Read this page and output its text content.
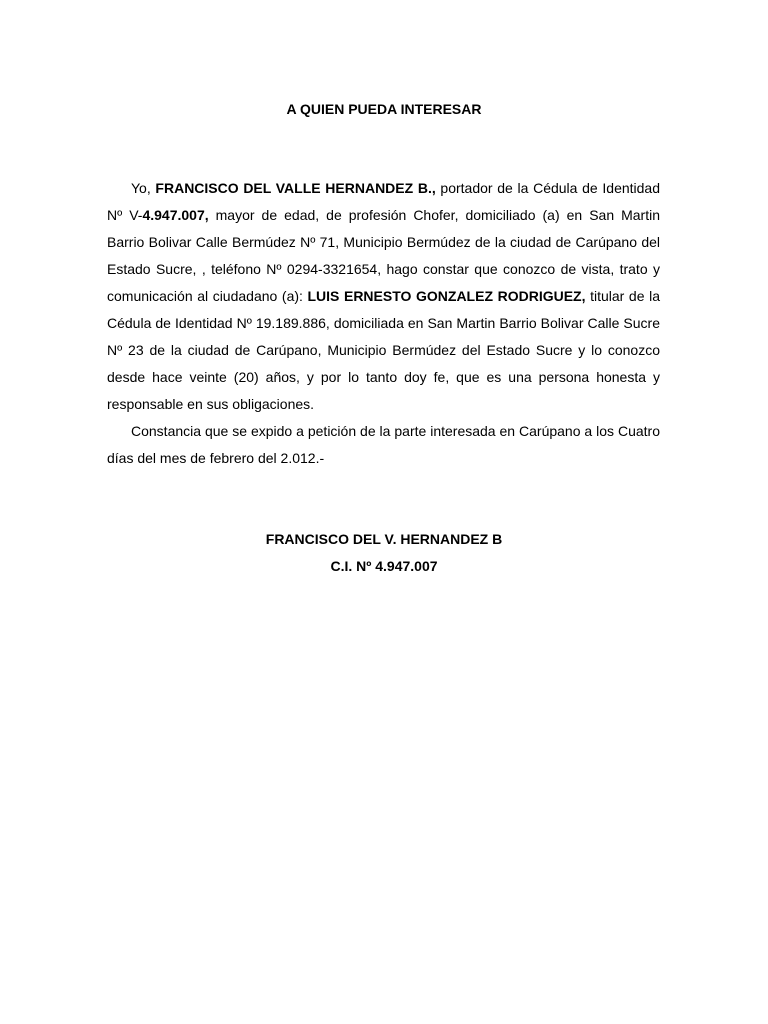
A QUIEN PUEDA INTERESAR

Yo, FRANCISCO DEL VALLE HERNANDEZ B., portador de la Cédula de Identidad Nº V-4.947.007, mayor de edad, de profesión Chofer, domiciliado (a) en San Martin Barrio Bolivar Calle Bermúdez Nº 71, Municipio Bermúdez de la ciudad de Carúpano del Estado Sucre, , teléfono Nº 0294-3321654, hago constar que conozco de vista, trato y comunicación al ciudadano (a): LUIS ERNESTO GONZALEZ RODRIGUEZ, titular de la Cédula de Identidad Nº 19.189.886, domiciliada en San Martin Barrio Bolivar Calle Sucre Nº 23 de la ciudad de Carúpano, Municipio Bermúdez del Estado Sucre y lo conozco desde hace veinte (20) años, y por lo tanto doy fe, que es una persona honesta y responsable en sus obligaciones.

Constancia que se expido a petición de la parte interesada en Carúpano a los Cuatro días del mes de febrero del 2.012.-

FRANCISCO DEL V. HERNANDEZ B
C.I. Nº 4.947.007
